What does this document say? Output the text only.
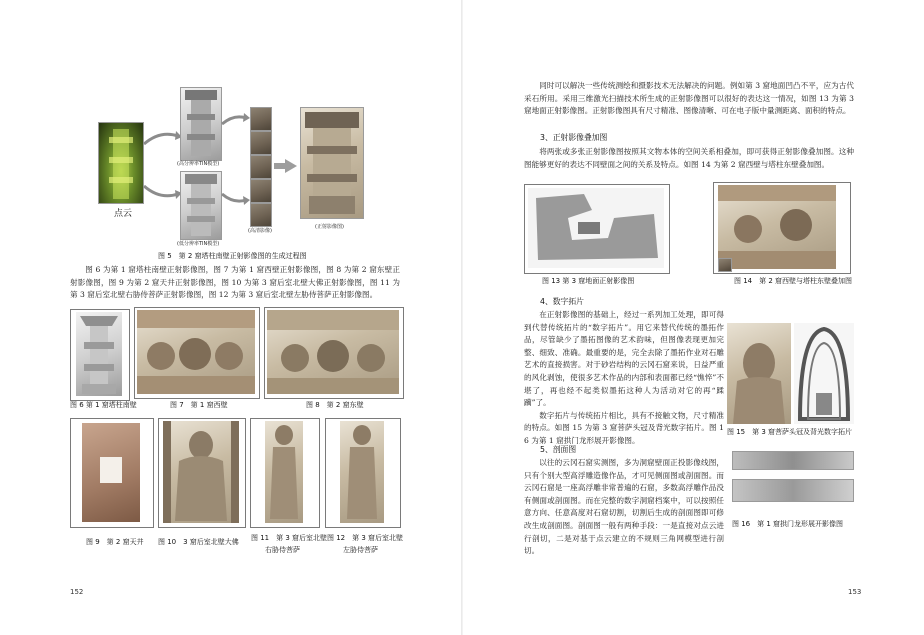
点云
(高分辨率TIN模型)
(低分辨率TIN模型)
(高清影像)
(正射影像图)
图 5　第 2 窟塔柱南壁正射影像图的生成过程图

图 6 为第 1 窟塔柱南壁正射影像图，图 7 为第 1 窟西壁正射影像图，图 8 为第 2 窟东壁正射影像图，图 9 为第 2 窟天井正射影像图，图 10 为第 3 窟后室北壁大佛正射影像图，图 11 为第 3 窟后室北壁右胁侍菩萨正射影像图，图 12 为第 3 窟后室北壁左胁侍菩萨正射影像图。

图 6 第 1 窟塔柱南壁	图 7　第 1 窟西壁	图 8　第 2 窟东壁
图 9　第 2 窟天井 图 10　3 窟后室北壁大佛 图 11　第 3 窟后室北壁
右胁侍菩萨
图 12　第 3 窟后室北壁
左胁侍菩萨
152

同时可以解决一些传统测绘和摄影技术无法解决的问题。例如第 3 窟地面凹凸不平，应为古代采石所用。采用三维激光扫描技术所生成的正射影像图可以很好的表达这一情况，如图 13 为第 3 窟地面正射影像图。正射影像图具有尺寸精准、图像清晰、可在电子版中量测距离、面积的特点。

3、正射影像叠加图

将两张或多张正射影像图按照其文物本体的空间关系相叠加，即可获得正射影像叠加图。这种图能够更好的表达不同壁面之间的关系及特点。如图 14 为第 2 窟西壁与塔柱东壁叠加图。

图 13 第 3 窟地面正射影像图	图 14　第 2 窟西壁与塔柱东壁叠加图
4、数字拓片

在正射影像图的基础上，经过一系列加工处理，即可得到代替传统拓片的“数字拓片”。用它来替代传统的墨拓作品，尽管缺少了墨拓图像的艺术韵味，但图像表现更加完整、细致、准确。最重要的是，完全去除了墨拓作业对石雕艺术的直接损害。对于砂岩结构的云冈石窟来说，日益严重的风化剥蚀，使很多艺术作品的内部和表面都已经“憔悴”不堪了，再也经不起类似墨拓这种人为活动对它的再“蹂躏”了。

数字拓片与传统拓片相比，具有不接触文物，尺寸精准的特点。如图 15 为第 3 窟菩萨头冠及背光数字拓片。图 16 为第 1 窟拱门龙形展开影像图。

图 15　第 3 窟菩萨头冠及背光数字拓片
5、剖面图

以往的云冈石窟实测图，多为洞窟壁面正投影像线图，只有个别大型高浮雕造像作品，才可见侧面图或剖面图。而云冈石窟是一座高浮雕非常普遍的石窟，多数高浮雕作品没有侧面或剖面图。而在完整的数字洞窟档案中，可以按照任意方向、任意高度对石窟切割，切割后生成的剖面图即可修改生成剖面图。剖面图一般有两种手段：一是直接对点云进行剖切，二是对基于点云建立的不规则三角网模型进行剖切。

图 16　第 1 窟拱门龙形展开影像图
153
